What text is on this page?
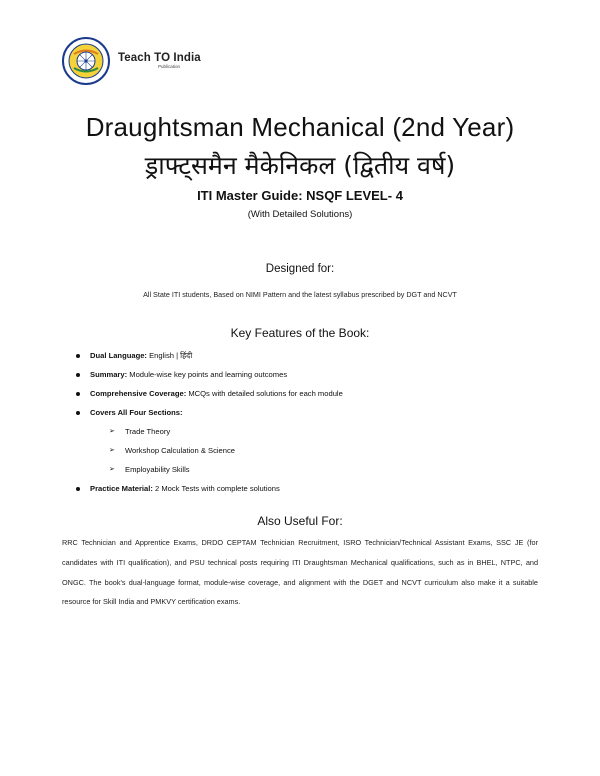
Teach TO India
Publication
Draughtsman Mechanical (2nd Year)
ड्राफ्ट्समैन मैकेनिकल (द्वितीय वर्ष)
ITI Master Guide: NSQF LEVEL- 4
(With Detailed Solutions)
Designed for:
All State ITI students, Based on NIMI Pattern and the latest syllabus prescribed by DGT and NCVT
Key Features of the Book:
Dual Language: English | हिंदी
Summary: Module-wise key points and learning outcomes
Comprehensive Coverage: MCQs with detailed solutions for each module
Covers All Four Sections:
➢ Trade Theory
➢ Workshop Calculation & Science
➢ Employability Skills
Practice Material: 2 Mock Tests with complete solutions
Also Useful For:

RRC Technician and Apprentice Exams, DRDO CEPTAM Technician Recruitment, ISRO Technician/Technical Assistant Exams, SSC JE (for candidates with ITI qualification), and PSU technical posts requiring ITI Draughtsman Mechanical qualifications, such as in BHEL, NTPC, and ONGC. The book's dual-language format, module-wise coverage, and alignment with the DGET and NCVT curriculum also make it a suitable resource for Skill India and PMKVY certification exams.
